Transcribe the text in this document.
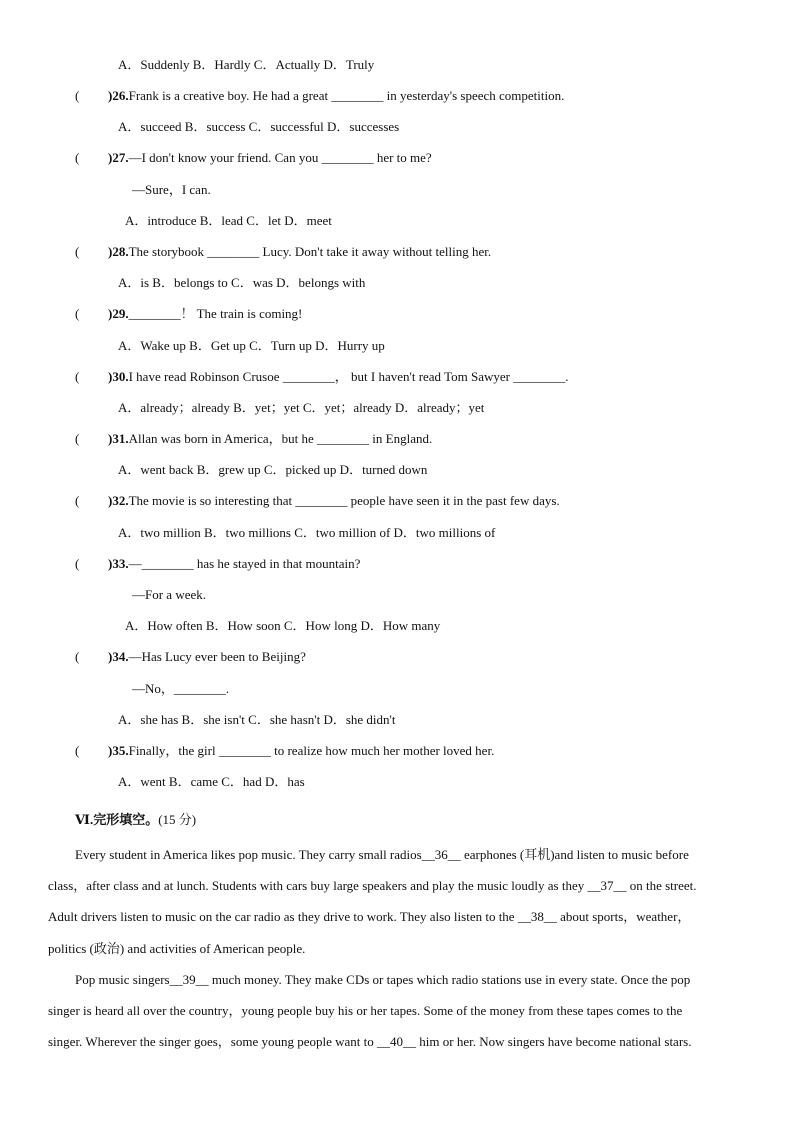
A．Suddenly B．Hardly C．Actually D．Truly
( )26.Frank is a creative boy. He had a great ________ in yesterday's speech competition.
A．succeed B．success C．successful D．successes
( )27.—I don't know your friend. Can you ________ her to me?
—Sure，I can.
A．introduce B．lead C．let D．meet
( )28.The storybook ________ Lucy. Don't take it away without telling her.
A．is B．belongs to C．was D．belongs with
( )29.________！ The train is coming!
A．Wake up B．Get up C．Turn up D．Hurry up
( )30.I have read Robinson Crusoe ________， but I haven't read Tom Sawyer ________.
A．already；already B．yet；yet C．yet；already D．already；yet
( )31.Allan was born in America，but he ________ in England.
A．went back B．grew up C．picked up D．turned down
( )32.The movie is so interesting that ________ people have seen it in the past few days.
A．two million B．two millions C．two million of D．two millions of
( )33.—________ has he stayed in that mountain?
—For a week.
A．How often B．How soon C．How long D．How many
( )34.—Has Lucy ever been to Beijing?
—No，________.
A．she has B．she isn't C．she hasn't D．she didn't
( )35.Finally，the girl ________ to realize how much her mother loved her.
A．went B．came C．had D．has
Ⅵ.完形填空。(15 分)
Every student in America likes pop music. They carry small radios__36__ earphones (耳机)and listen to music before
class，after class and at lunch. Students with cars buy large speakers and play the music loudly as they __37__ on the street.
Adult drivers listen to music on the car radio as they drive to work. They also listen to the __38__ about sports，weather，
politics (政治) and activities of American people.
Pop music singers__39__ much money. They make CDs or tapes which radio stations use in every state. Once the pop
singer is heard all over the country，young people buy his or her tapes. Some of the money from these tapes comes to the
singer. Wherever the singer goes，some young people want to __40__ him or her. Now singers have become national stars.
